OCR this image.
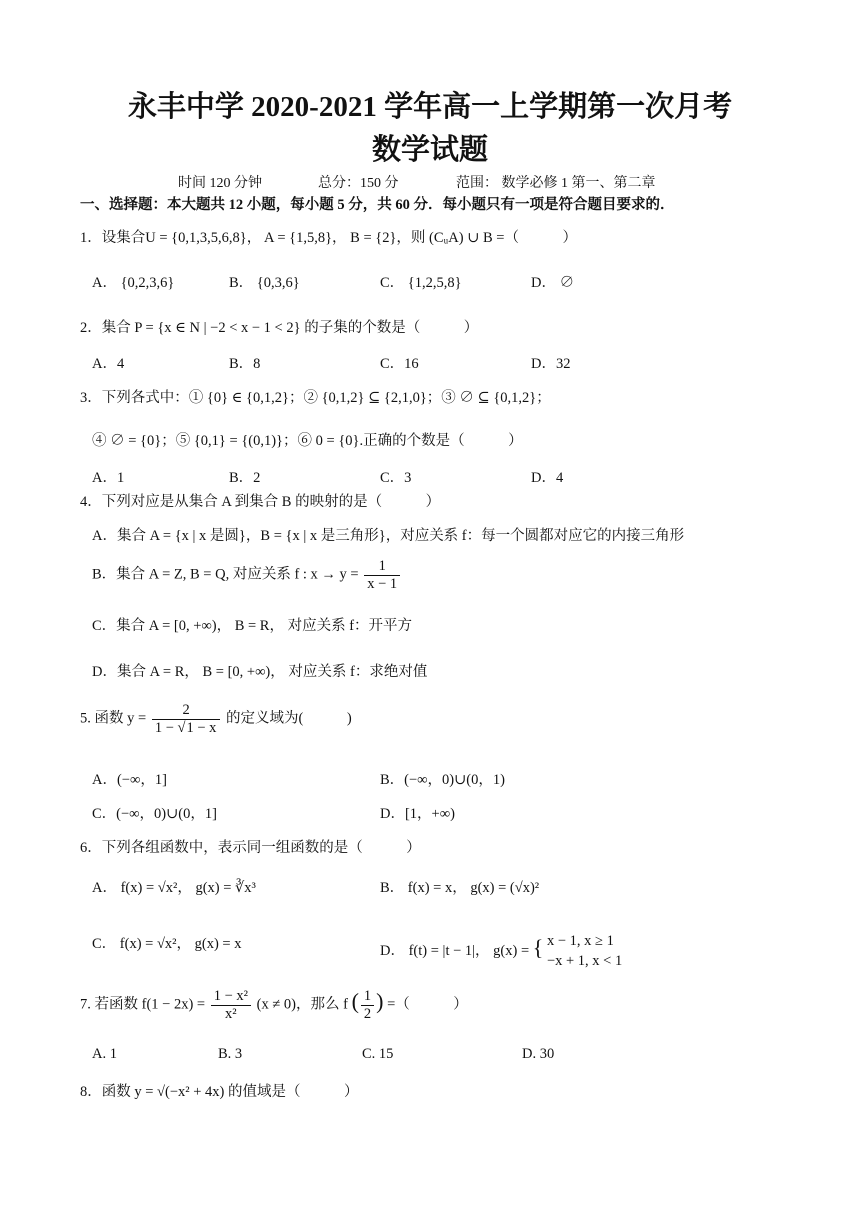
永丰中学 2020-2021 学年高一上学期第一次月考
数学试题
时间 120 分钟	总分：150 分	范围： 数学必修 1 第一、第二章
一、选择题：本大题共 12 小题，每小题 5 分，共 60 分．每小题只有一项是符合题目要求的．
1．设集合U = {0,1,3,5,6,8}， A = {1,5,8}， B = {2}，则 (CᵤA) ∪ B =（　　　）
A． {0,2,3,6}	B． {0,3,6}	C． {1,2,5,8}	D． ∅
2．集合 P = {x ∈ N | −2 < x − 1 < 2} 的子集的个数是（　　　）
A．4	B．8	C．16	D．32
3．下列各式中：① {0} ∈ {0,1,2}；② {0,1,2} ⊆ {2,1,0}；③ ∅ ⊆ {0,1,2}；
④ ∅ = {0}；⑤ {0,1} = {(0,1)}；⑥ 0 = {0}.正确的个数是（　　　）
A．1	B．2	C．3	D．4
4．下列对应是从集合 A 到集合 B 的映射的是（　　　）
A．集合 A = {x | x 是圆}，B = {x | x 是三角形}，对应关系 f：每一个圆都对应它的内接三角形
B．集合 A = Z, B = Q, 对应关系 f : $x \to y = \frac{1}{x - 1}$
C．集合 A = [0, +∞)， B = R， 对应关系 f：开平方
D．集合 A = R， B = [0, +∞)， 对应关系 f：求绝对值
5. 函数 $y = \frac{2}{1 - √1 - x}$ 的定义域为(　　　)
A．(−∞，1]	B．(−∞，0)∪(0，1)
C．(−∞，0)∪(0，1]	D．[1，+∞)
6．下列各组函数中，表示同一组函数的是（　　　）
A． f(x) = √x²， g(x) = ∛x³	B． f(x) = x， g(x) = (√x)²
C． f(x) = √x²， g(x) = x	D． f(t) = |t − 1|， g(x) = { x − 1, x ≥ 1
−x + 1, x < 1
7. 若函数 $f(1 - 2x) = \frac{\text{1 − x²}}{\text{x²}} (x \ne 0)$，那么 f ( $\frac{1}{2}$ ) =（　　　）
A. 1	B. 3	C. 15	D. 30
8．函数 y = √(−x² + 4x) 的值域是（　　　）
